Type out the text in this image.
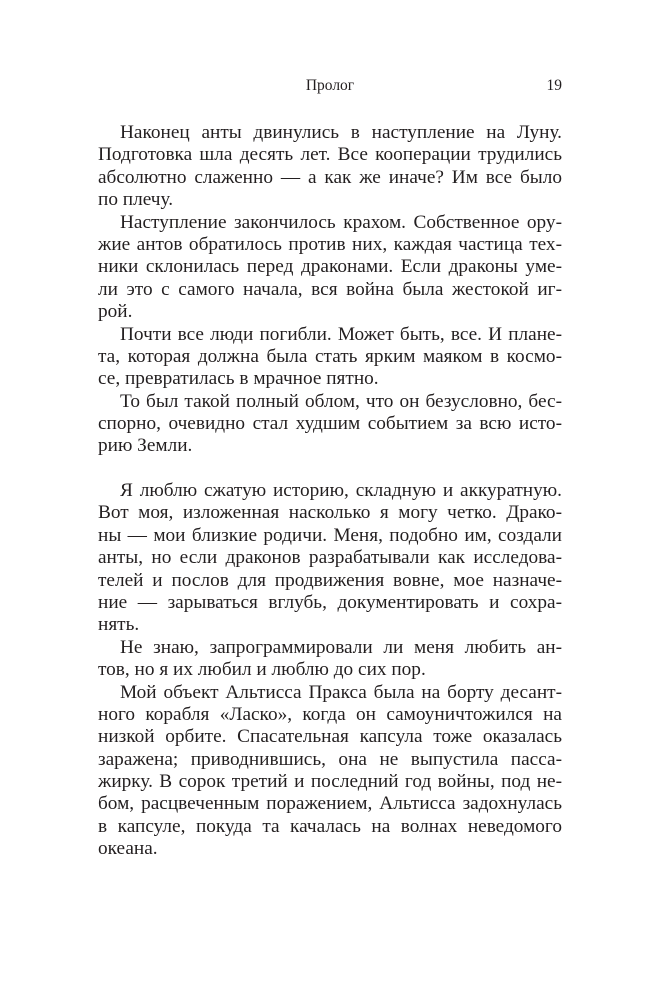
Пролог	19
Наконец анты двинулись в наступление на Луну.
Подготовка шла десять лет. Все кооперации трудились
абсолютно слаженно — а как же иначе? Им все было
по плечу.
Наступление закончилось крахом. Собственное ору-
жие антов обратилось против них, каждая частица тех-
ники склонилась перед драконами. Если драконы уме-
ли это с самого начала, вся война была жестокой иг-
рой.
Почти все люди погибли. Может быть, все. И плане-
та, которая должна была стать ярким маяком в космо-
се, превратилась в мрачное пятно.
То был такой полный облом, что он безусловно, бес-
спорно, очевидно стал худшим событием за всю исто-
рию Земли.
Я люблю сжатую историю, складную и аккуратную.
Вот моя, изложенная насколько я могу четко. Драко-
ны — мои близкие родичи. Меня, подобно им, создали
анты, но если драконов разрабатывали как исследова-
телей и послов для продвижения вовне, мое назначе-
ние — зарываться вглубь, документировать и сохра-
нять.
Не знаю, запрограммировали ли меня любить ан-
тов, но я их любил и люблю до сих пор.
Мой объект Альтисса Пракса была на борту десант-
ного корабля «Ласко», когда он самоуничтожился на
низкой орбите. Спасательная капсула тоже оказалась
заражена; приводнившись, она не выпустила пасса-
жирку. В сорок третий и последний год войны, под не-
бом, расцвеченным поражением, Альтисса задохнулась
в капсуле, покуда та качалась на волнах неведомого
океана.
